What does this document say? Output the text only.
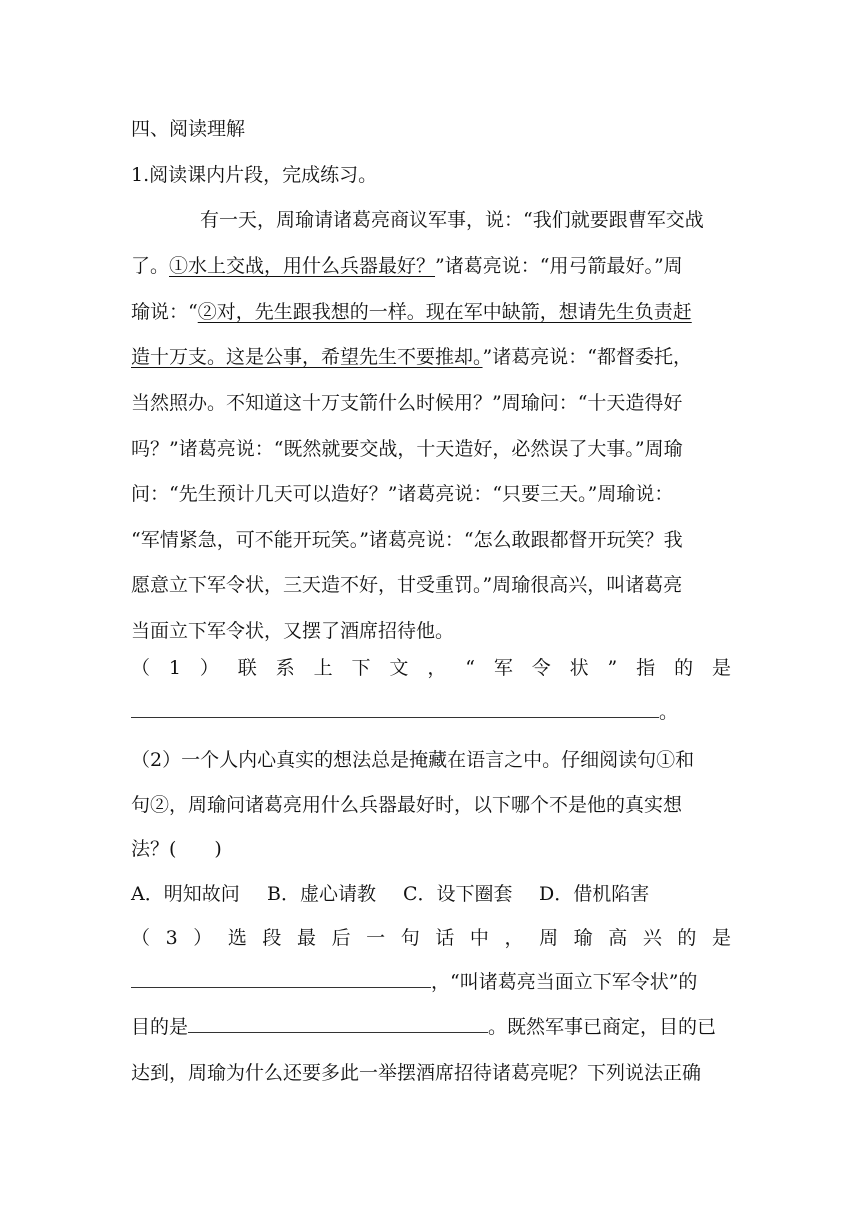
四、阅读理解

1.阅读课内片段，完成练习。

有一天，周瑜请诸葛亮商议军事，说：“我们就要跟曹军交战

了。①水上交战，用什么兵器最好？”诸葛亮说：“用弓箭最好。”周

瑜说：“②对，先生跟我想的一样。现在军中缺箭，想请先生负责赶

造十万支。这是公事，希望先生不要推却。”诸葛亮说：“都督委托，

当然照办。不知道这十万支箭什么时候用？”周瑜问：“十天造得好

吗？”诸葛亮说：“既然就要交战，十天造好，必然误了大事。”周瑜

问：“先生预计几天可以造好？”诸葛亮说：“只要三天。”周瑜说：

“军情紧急，可不能开玩笑。”诸葛亮说：“怎么敢跟都督开玩笑？我

愿意立下军令状，三天造不好，甘受重罚。”周瑜很高兴，叫诸葛亮

当面立下军令状，又摆了酒席招待他。

（1）联系上下文，“军令状”指的是

。

（2）一个人内心真实的想法总是掩藏在语言之中。仔细阅读句①和

句②，周瑜问诸葛亮用什么兵器最好时，以下哪个不是他的真实想

法？(　　)

A．明知故问 B．虚心请教 C．设下圈套 D．借机陷害

（3）选段最后一句话中，周瑜高兴的是

，“叫诸葛亮当面立下军令状”的

目的是	。既然军事已商定，目的已

达到，周瑜为什么还要多此一举摆酒席招待诸葛亮呢？下列说法正确
